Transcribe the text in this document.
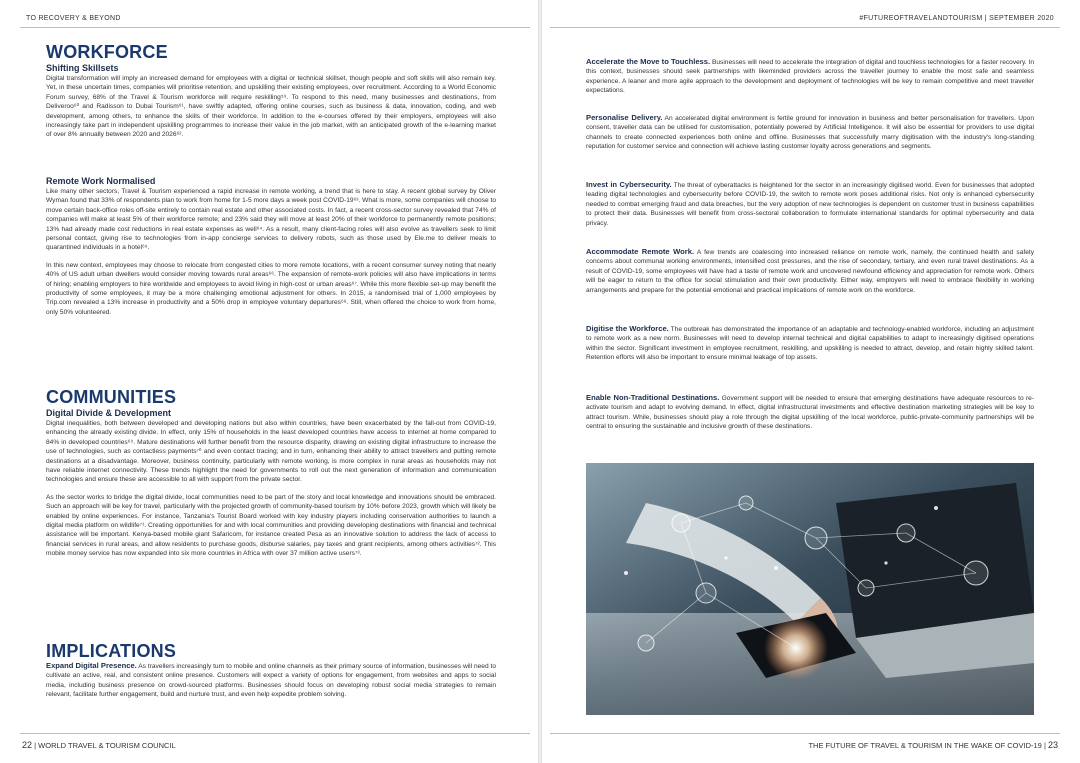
TO RECOVERY & BEYOND
WORKFORCE
Shifting Skillsets

Digital transformation will imply an increased demand for employees with a digital or technical skillset, though people and soft skills will also remain key. Yet, in these uncertain times, companies will prioritise retention, and upskilling their existing employees, over recruitment. According to a World Economic Forum survey, 68% of the Travel & Tourism workforce will require reskilling⁵⁹. To respond to this need, many businesses and destinations, from Deliveroo⁶⁰ and Radisson to Dubai Tourism⁶¹, have swiftly adapted, offering online courses, such as business & data, innovation, coding, and web development, among others, to enhance the skills of their workforce. In addition to the e-courses offered by their employers, employees will also increasingly take part in independent upskilling programmes to increase their value in the job market, with an anticipated growth of the e-learning market of over 8% annually between 2020 and 2026⁶².

Remote Work Normalised

Like many other sectors, Travel & Tourism experienced a rapid increase in remote working, a trend that is here to stay. A recent global survey by Oliver Wyman found that 33% of respondents plan to work from home for 1-5 more days a week post COVID-19⁶³. What is more, some companies will choose to move certain back-office roles off-site entirely to contain real estate and other associated costs. In fact, a recent cross-sector survey revealed that 74% of companies will make at least 5% of their workforce remote; and 23% said they will move at least 20% of their workforce to permanently remote positions; 13% had already made cost reductions in real estate expenses as well⁶⁴. As a result, many client-facing roles will also evolve as travellers seek to limit personal contact, giving rise to technologies from in-app concierge services to delivery robots, such as those used by Ele.me to deliver meals to quarantined individuals in a hotel⁶⁵.

In this new context, employees may choose to relocate from congested cities to more remote locations, with a recent consumer survey noting that nearly 40% of US adult urban dwellers would consider moving towards rural areas⁶⁶. The expansion of remote-work policies will also have implications in terms of hiring; enabling employers to hire worldwide and employees to avoid living in high-cost or urban areas⁶⁷. While this more flexible set-up may benefit the productivity of some employees, it may be a more challenging emotional adjustment for others. In 2015, a randomised trial of 1,000 employees by Trip.com revealed a 13% increase in productivity and a 50% drop in employee voluntary departures⁶⁸. Still, when offered the choice to work from home, only 50% volunteered.

COMMUNITIES
Digital Divide & Development

Digital inequalities, both between developed and developing nations but also within countries, have been exacerbated by the fall-out from COVID-19, enhancing the already existing divide. In effect, only 15% of households in the least developed countries have access to internet at home compared to 84% in developed countries⁶⁹. Mature destinations will further benefit from the resource disparity, drawing on existing digital infrastructure to increase the use of technologies, such as contactless payments⁷⁰ and even contact tracing; and in turn, enhancing their ability to attract travellers and putting remote destinations at a disadvantage. Moreover, business continuity, particularly with remote working, is more complex in rural areas as households may not have reliable internet connectivity. These trends highlight the need for governments to roll out the next generation of information and communication technologies and ensure these are accessible to all with support from the private sector.

As the sector works to bridge the digital divide, local communities need to be part of the story and local knowledge and innovations should be embraced. Such an approach will be key for travel, particularly with the projected growth of community-based tourism by 10% before 2023, growth which will likely be enabled by online experiences. For instance, Tanzania's Tourist Board worked with key industry players including conservation authorities to launch a digital media platform on wildlife⁷¹. Creating opportunities for and with local communities and providing developing destinations with financial and technical assistance will be important. Kenya-based mobile giant Safaricom, for instance created Pesa as an innovative solution to address the lack of access to financial services in rural areas, and allow residents to purchase goods, disburse salaries, pay taxes and grant recipients, among others activities⁷². This mobile money service has now expanded into six more countries in Africa with over 37 million active users⁷³.

IMPLICATIONS

Expand Digital Presence. As travellers increasingly turn to mobile and online channels as their primary source of information, businesses will need to cultivate an active, real, and consistent online presence. Customers will expect a variety of options for engagement, from websites and apps to social media, including business presence on crowd-sourced platforms. Businesses should focus on developing robust social media strategies to remain relevant, facilitate further engagement, build and nurture trust, and even help expedite problem solving.

22 | WORLD TRAVEL & TOURISM COUNCIL
#FUTUREOFTRAVELANDTOURISM | SEPTEMBER 2020

Accelerate the Move to Touchless. Businesses will need to accelerate the integration of digital and touchless technologies for a faster recovery. In this context, businesses should seek partnerships with likeminded providers across the traveller journey to enable the most safe and seamless experience. A leaner and more agile approach to the development and deployment of technologies will be key to remain competitive and meet traveller expectations.

Personalise Delivery. An accelerated digital environment is fertile ground for innovation in business and better personalisation for travellers. Upon consent, traveller data can be utilised for customisation, potentially powered by Artificial Intelligence. It will also be essential for providers to use digital channels to create connected experiences both online and offline. Businesses that successfully marry digitisation with the industry's long-standing reputation for customer service and connection will achieve lasting customer loyalty across generations and segments.

Invest in Cybersecurity. The threat of cyberattacks is heightened for the sector in an increasingly digitised world. Even for businesses that adopted leading digital technologies and cybersecurity before COVID-19, the switch to remote work poses additional risks. Not only is enhanced cybersecurity needed to combat emerging fraud and data breaches, but the very adoption of new technologies is dependent on customer trust in business capabilities to protect their data. Businesses will benefit from cross-sectoral collaboration to formulate international standards for optimal cybersecurity and data privacy.

Accommodate Remote Work. A few trends are coalescing into increased reliance on remote work, namely, the continued health and safety concerns about communal working environments, intensified cost pressures, and the rise of secondary, tertiary, and even rural travel destinations. As a result of COVID-19, some employees will have had a taste of remote work and uncovered newfound efficiency and appreciation for remote work. Others will be eager to return to the office for social stimulation and their own productivity. Either way, employers will need to embrace flexibility in working arrangements and prepare for the potential emotional and practical implications of remote work on the workforce.

Digitise the Workforce. The outbreak has demonstrated the importance of an adaptable and technology-enabled workforce, including an adjustment to remote work as a new norm. Businesses will need to develop internal technical and digital capabilities to adapt to increasingly digitised operations within the sector. Significant investment in employee recruitment, reskilling, and upskilling is needed to attract, develop, and retain highly skilled talent. Retention efforts will also be important to ensure minimal leakage of top assets.

Enable Non-Traditional Destinations. Government support will be needed to ensure that emerging destinations have adequate resources to re-activate tourism and adapt to evolving demand. In effect, digital infrastructural investments and effective destination marketing strategies will be key to attract tourism. While, businesses should play a role through the digital upskilling of the local workforce, public-private-community partnerships will be central to ensuring the sustainable and inclusive growth of these destinations.

THE FUTURE OF TRAVEL & TOURISM IN THE WAKE OF COVID-19 | 23
